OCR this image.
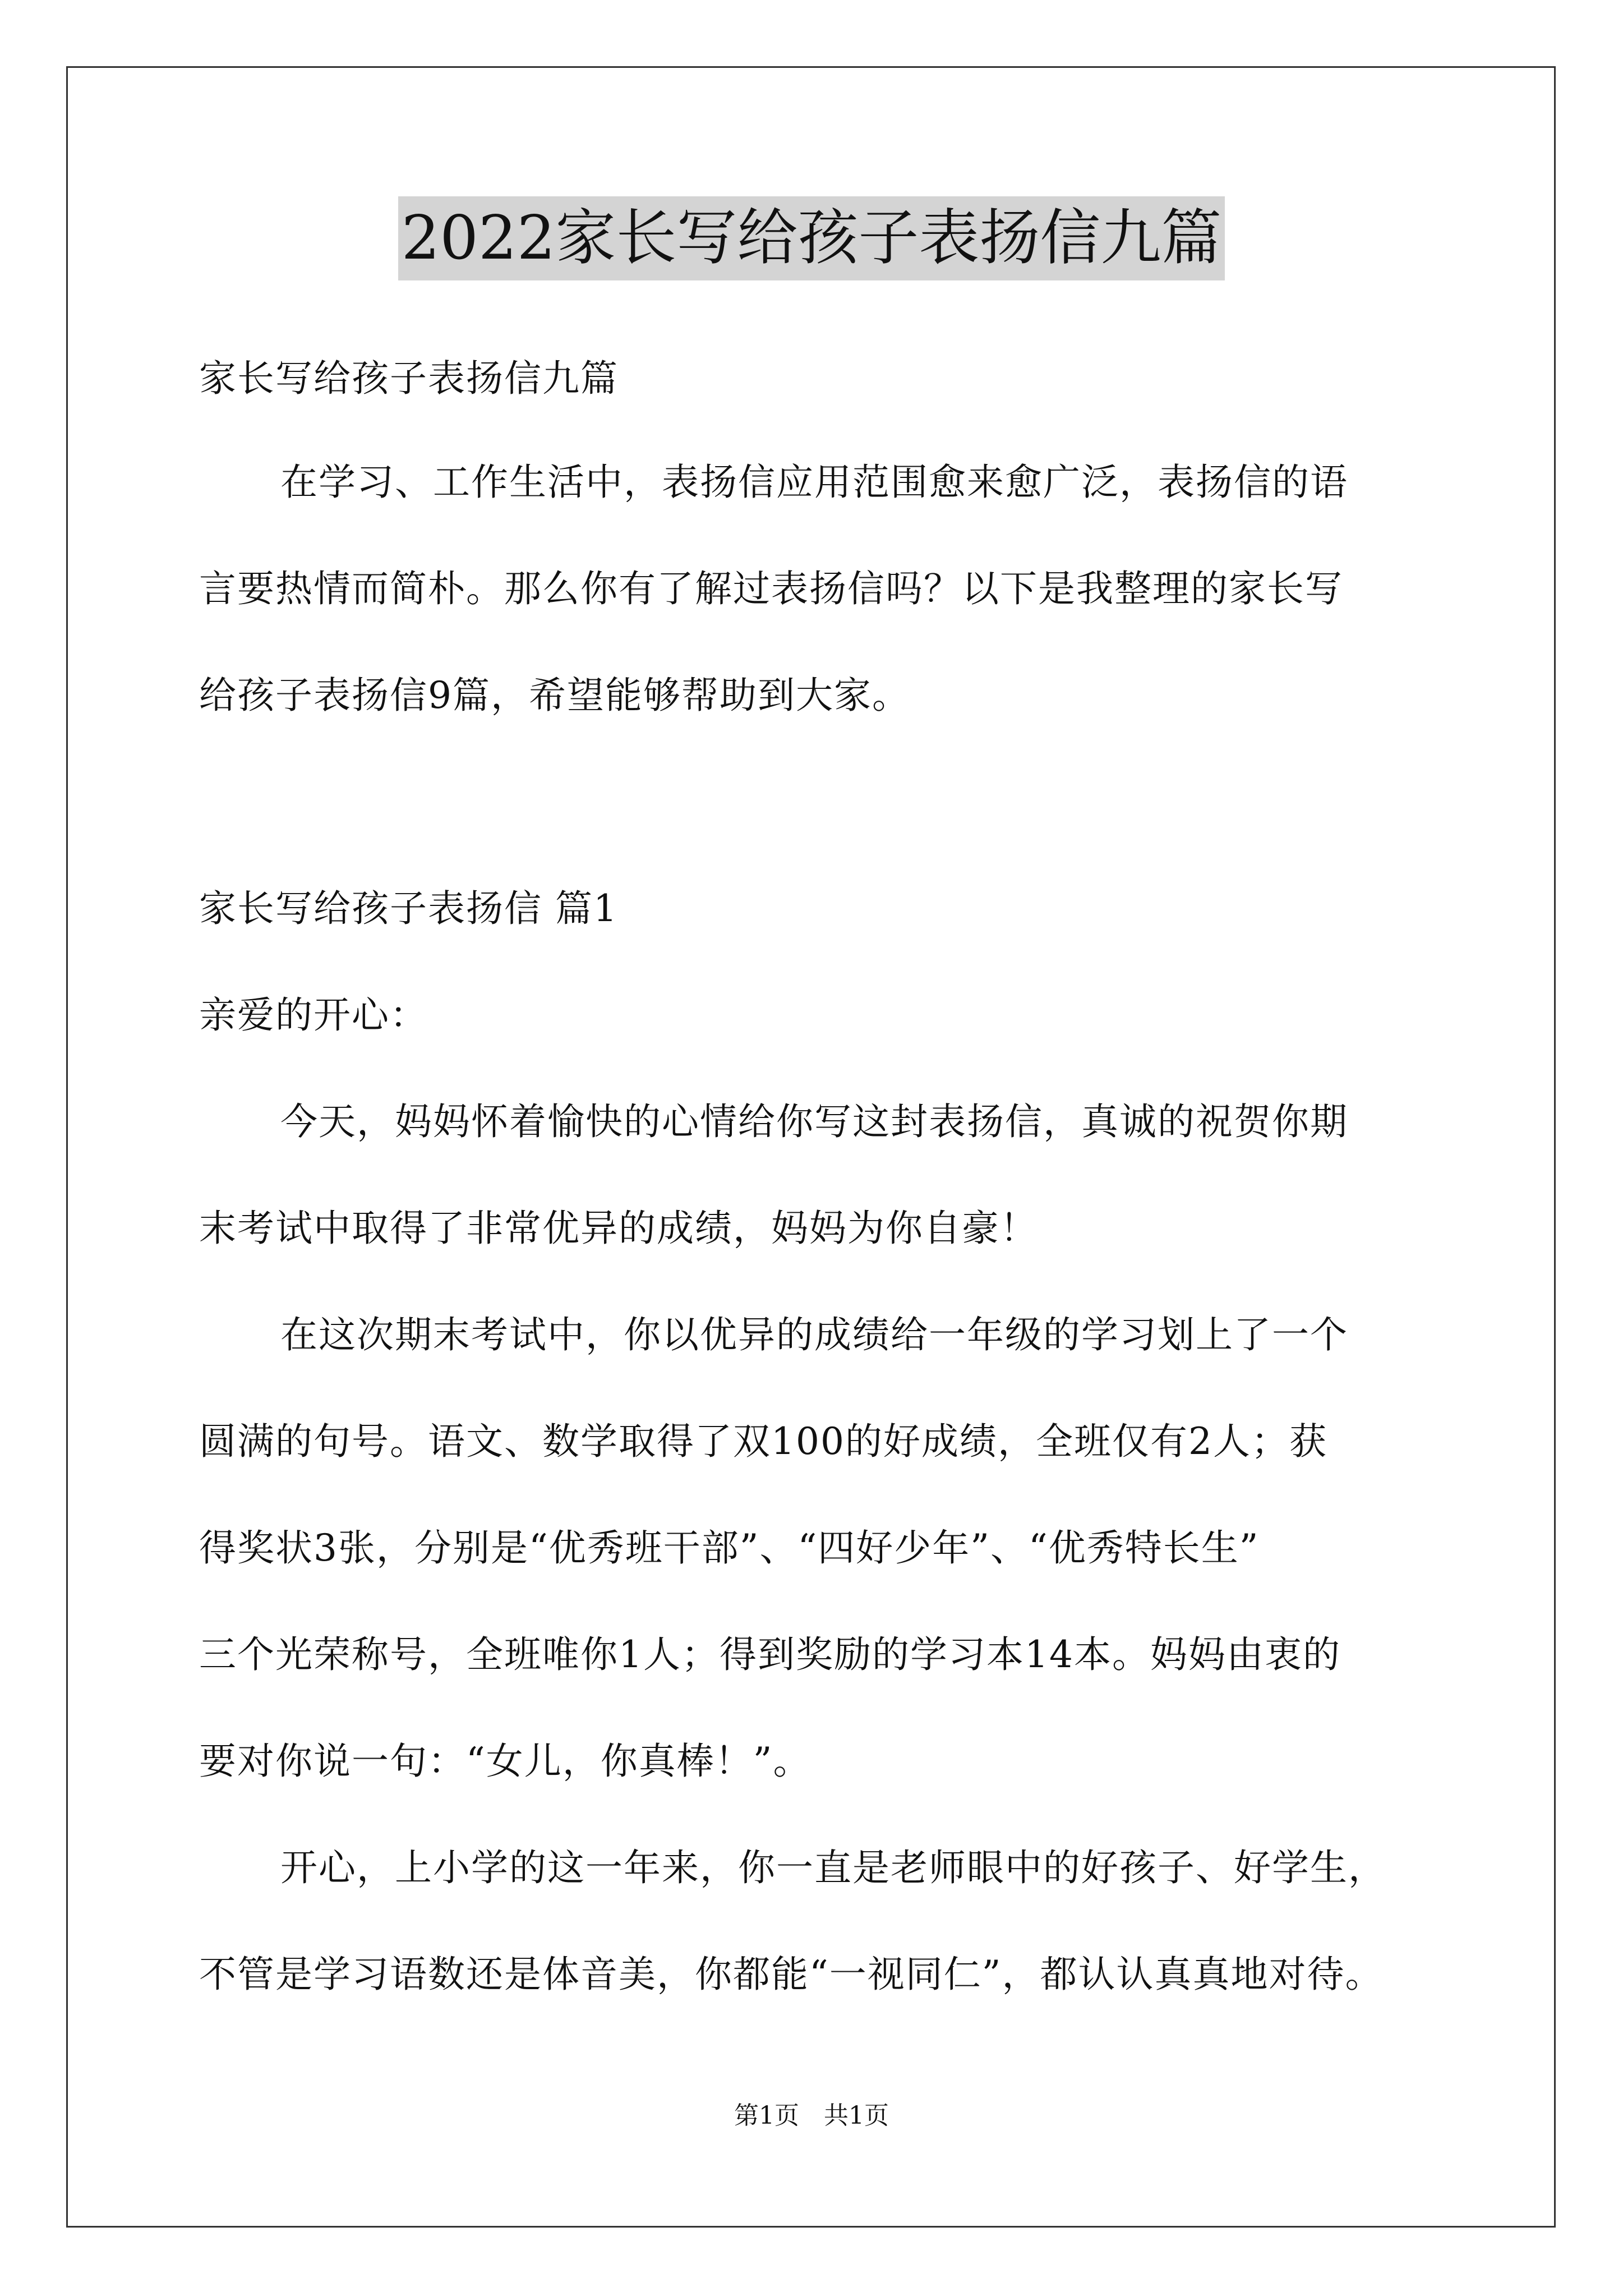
2022家长写给孩子表扬信九篇
家长写给孩子表扬信九篇
在学习、工作生活中，表扬信应用范围愈来愈广泛，表扬信的语
言要热情而简朴。那么你有了解过表扬信吗？以下是我整理的家长写
给孩子表扬信9篇，希望能够帮助到大家。
家长写给孩子表扬信 篇1
亲爱的开心：
今天，妈妈怀着愉快的心情给你写这封表扬信，真诚的祝贺你期
末考试中取得了非常优异的成绩，妈妈为你自豪！
在这次期末考试中，你以优异的成绩给一年级的学习划上了一个
圆满的句号。语文、数学取得了双100的好成绩，全班仅有2人；获
得奖状3张，分别是“优秀班干部”、“四好少年”、“优秀特长生”
三个光荣称号，全班唯你1人；得到奖励的学习本14本。妈妈由衷的
要对你说一句：“女儿，你真棒！”。
开心，上小学的这一年来，你一直是老师眼中的好孩子、好学生，
不管是学习语数还是体音美，你都能“一视同仁”，都认认真真地对待。
第1页 共1页
